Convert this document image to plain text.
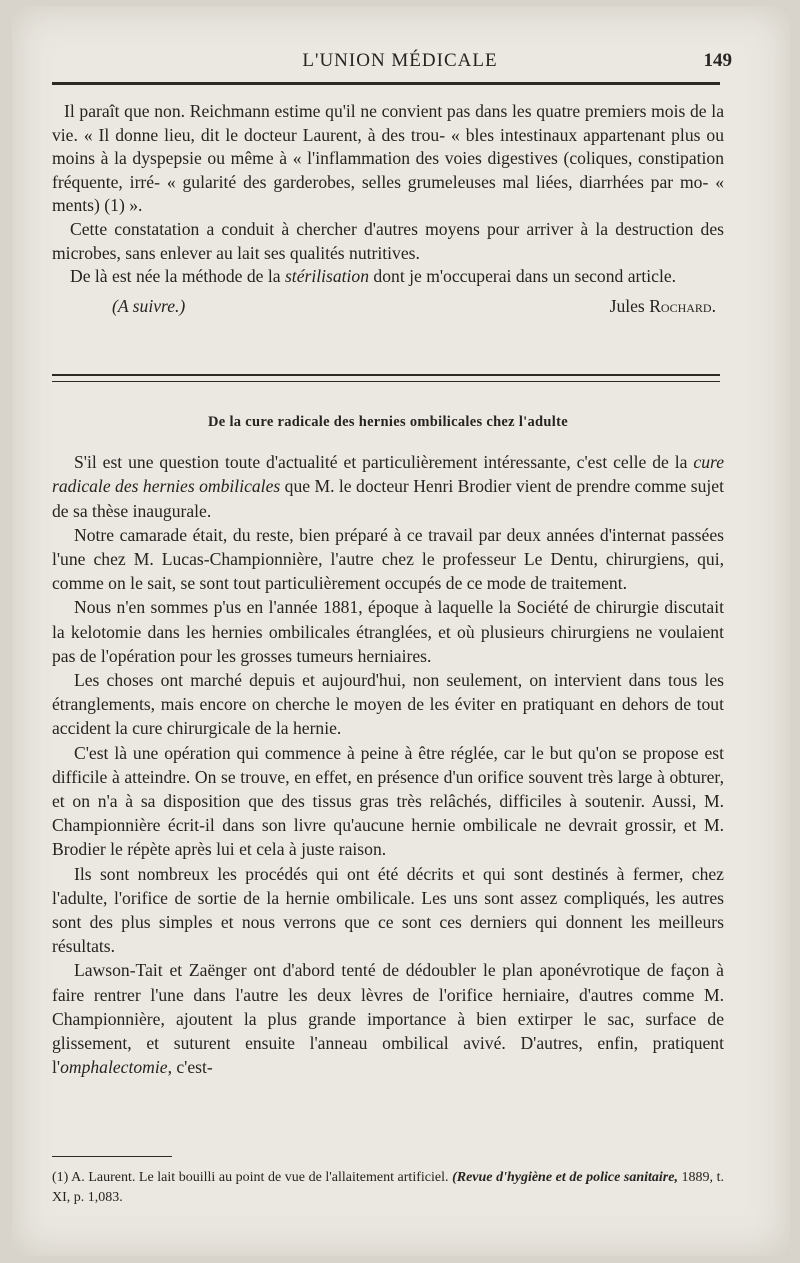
L'UNION MÉDICALE	149

Il paraît que non. Reichmann estime qu'il ne convient pas dans les quatre premiers mois de la vie. « Il donne lieu, dit le docteur Laurent, à des trou- « bles intestinaux appartenant plus ou moins à la dyspepsie ou même à « l'inflammation des voies digestives (coliques, constipation fréquente, irré- « gularité des garderobes, selles grumeleuses mal liées, diarrhées par mo- « ments) (1) ».

Cette constatation a conduit à chercher d'autres moyens pour arriver à la destruction des microbes, sans enlever au lait ses qualités nutritives.

De là est née la méthode de la stérilisation dont je m'occuperai dans un second article.

(A suivre.)	Jules Rochard.
De la cure radicale des hernies ombilicales chez l'adulte

S'il est une question toute d'actualité et particulièrement intéressante, c'est celle de la cure radicale des hernies ombilicales que M. le docteur Henri Brodier vient de prendre comme sujet de sa thèse inaugurale.

Notre camarade était, du reste, bien préparé à ce travail par deux années d'internat passées l'une chez M. Lucas-Championnière, l'autre chez le professeur Le Dentu, chirurgiens, qui, comme on le sait, se sont tout particulièrement occupés de ce mode de traitement.

Nous n'en sommes p'us en l'année 1881, époque à laquelle la Société de chirurgie discutait la kelotomie dans les hernies ombilicales étranglées, et où plusieurs chirurgiens ne voulaient pas de l'opération pour les grosses tumeurs herniaires.

Les choses ont marché depuis et aujourd'hui, non seulement, on intervient dans tous les étranglements, mais encore on cherche le moyen de les éviter en pratiquant en dehors de tout accident la cure chirurgicale de la hernie.

C'est là une opération qui commence à peine à être réglée, car le but qu'on se propose est difficile à atteindre. On se trouve, en effet, en présence d'un orifice souvent très large à obturer, et on n'a à sa disposition que des tissus gras très relâchés, difficiles à soutenir. Aussi, M. Championnière écrit-il dans son livre qu'aucune hernie ombilicale ne devrait grossir, et M. Brodier le répète après lui et cela à juste raison.

Ils sont nombreux les procédés qui ont été décrits et qui sont destinés à fermer, chez l'adulte, l'orifice de sortie de la hernie ombilicale. Les uns sont assez compliqués, les autres sont des plus simples et nous verrons que ce sont ces derniers qui donnent les meilleurs résultats.

Lawson-Tait et Zaënger ont d'abord tenté de dédoubler le plan aponévrotique de façon à faire rentrer l'une dans l'autre les deux lèvres de l'orifice herniaire, d'autres comme M. Championnière, ajoutent la plus grande importance à bien extirper le sac, surface de glissement, et suturent ensuite l'anneau ombilical avivé. D'autres, enfin, pratiquent l'omphalectomie, c'est-

(1) A. Laurent. Le lait bouilli au point de vue de l'allaitement artificiel. (Revue d'hygiène et de police sanitaire, 1889, t. XI, p. 1,083.
